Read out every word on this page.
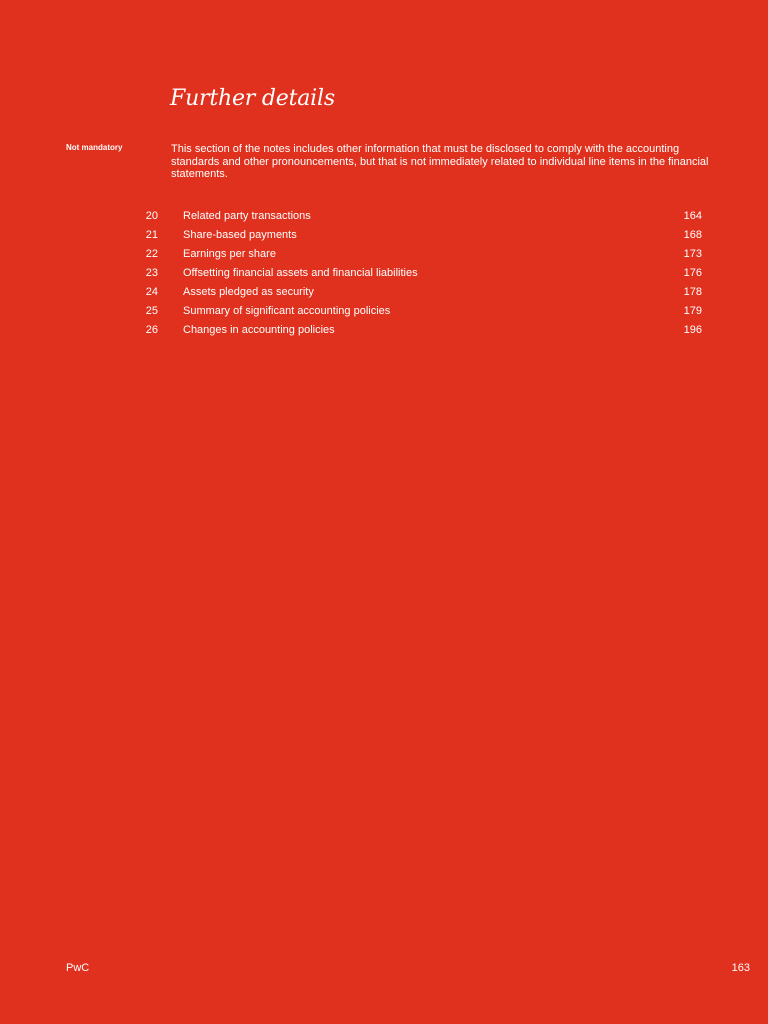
Further details
Not mandatory	This section of the notes includes other information that must be disclosed to comply with the accounting standards and other pronouncements, but that is not immediately related to individual line items in the financial statements.

20	Related party transactions	164
21	Share-based payments	168
22	Earnings per share	173
23	Offsetting financial assets and financial liabilities	176
24	Assets pledged as security	178
25	Summary of significant accounting policies	179
26	Changes in accounting policies	196
PwC	163
